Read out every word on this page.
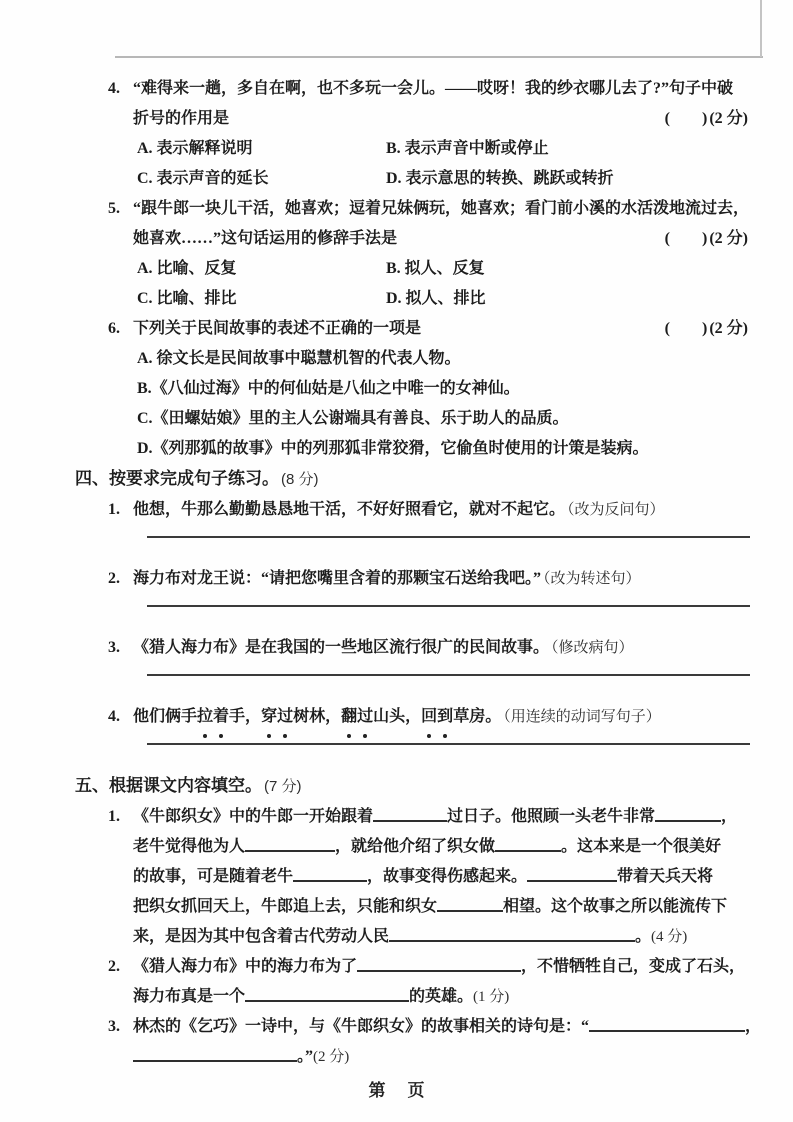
4. “难得来一趟，多自在啊，也不多玩一会儿。——哎呀！我的纱衣哪儿去了?”句子中破
折号的作用是	(　　) (2 分)
A. 表示解释说明	B. 表示声音中断或停止
C. 表示声音的延长	D. 表示意思的转换、跳跃或转折
5. “跟牛郎一块儿干活，她喜欢；逗着兄妹俩玩，她喜欢；看门前小溪的水活泼地流过去，
她喜欢……”这句话运用的修辞手法是	(　　) (2 分)
A. 比喻、反复	B. 拟人、反复
C. 比喻、排比	D. 拟人、排比
6. 下列关于民间故事的表述不正确的一项是	(　　) (2 分)
A. 徐文长是民间故事中聪慧机智的代表人物。
B.《八仙过海》中的何仙姑是八仙之中唯一的女神仙。
C.《田螺姑娘》里的主人公谢端具有善良、乐于助人的品质。
D.《列那狐的故事》中的列那狐非常狡猾，它偷鱼时使用的计策是装病。
四、按要求完成句子练习。 (8 分)
1. 他想，牛那么勤勤恳恳地干活，不好好照看它，就对不起它。 （改为反问句）
2. 海力布对龙王说：“请把您嘴里含着的那颗宝石送给我吧。” （改为转述句）
3. 《猎人海力布》是在我国的一些地区流行很广的民间故事。 （修改病句）
4. 他们俩手拉着手，穿过树林，翻过山头，回到草房。 （用连续的动词写句子）
五、根据课文内容填空。 (7 分)
1. 《牛郎织女》中的牛郎一开始跟着	过日子。他照顾一头老牛非常	，
老牛觉得他为人	，就给他介绍了织女做	。这本来是一个很美好
的故事，可是随着老牛	，故事变得伤感起来。	带着天兵天将
把织女抓回天上，牛郎追上去，只能和织女	相望。这个故事之所以能流传下
来，是因为其中包含着古代劳动人民	。(4 分)
2. 《猎人海力布》中的海力布为了	，不惜牺牲自己，变成了石头，
海力布真是一个	的英雄。(1 分)
3. 林杰的《乞巧》一诗中，与《牛郎织女》的故事相关的诗句是：“	，
。”(2 分)
第 页
